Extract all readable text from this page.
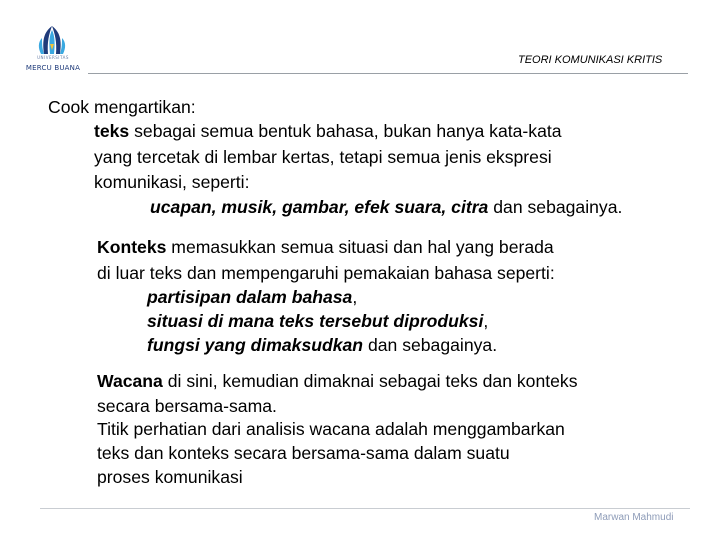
UNIVERSITAS
MERCU BUANA
TEORI KOMUNIKASI KRITIS
Cook mengartikan:
teks sebagai semua bentuk bahasa, bukan hanya kata-kata
yang tercetak di lembar kertas, tetapi semua jenis ekspresi
komunikasi, seperti:
ucapan, musik, gambar, efek suara, citra dan sebagainya.
Konteks memasukkan semua situasi dan hal yang berada
di luar teks dan mempengaruhi pemakaian bahasa seperti:
partisipan dalam bahasa,
situasi di mana teks tersebut diproduksi,
fungsi yang dimaksudkan dan sebagainya.
Wacana di sini, kemudian dimaknai sebagai teks dan konteks
secara bersama-sama.
Titik perhatian dari analisis wacana adalah menggambarkan
teks dan konteks secara bersama-sama dalam suatu
proses komunikasi
Marwan Mahmudi
